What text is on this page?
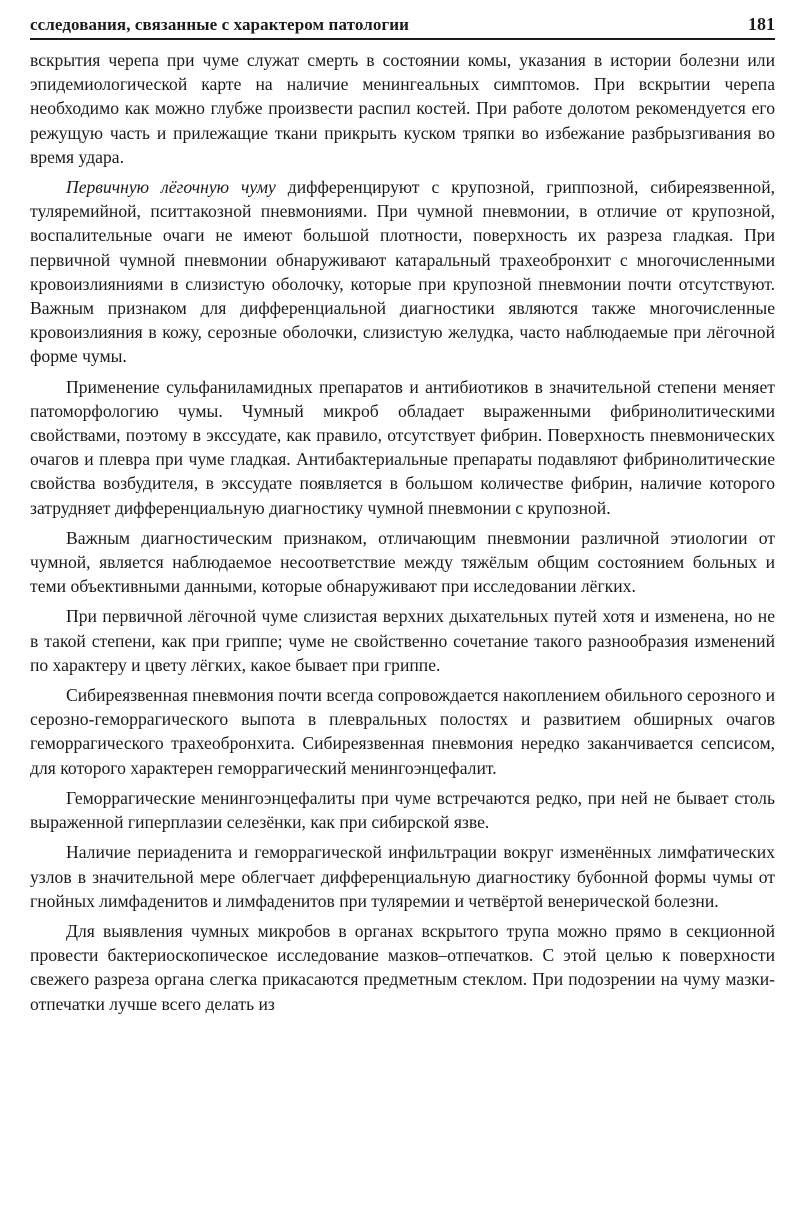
сследования, связанные с характером патологии	181

вскрытия черепа при чуме служат смерть в состоянии комы, указания в истории болезни или эпидемиологической карте на наличие менингеальных симптомов. При вскрытии черепа необходимо как можно глубже произвести распил костей. При работе долотом рекомендуется его режущую часть и прилежащие ткани прикрыть куском тряпки во избежание разбрызгивания во время удара.

Первичную лёгочную чуму дифференцируют с крупозной, гриппозной, сибиреязвенной, туляремийной, пситтакозной пневмониями. При чумной пневмонии, в отличие от крупозной, воспалительные очаги не имеют большой плотности, поверхность их разреза гладкая. При первичной чумной пневмонии обнаруживают катаральный трахеобронхит с многочисленными кровоизлияниями в слизистую оболочку, которые при крупозной пневмонии почти отсутствуют. Важным признаком для дифференциальной диагностики являются также многочисленные кровоизлияния в кожу, серозные оболочки, слизистую желудка, часто наблюдаемые при лёгочной форме чумы.

Применение сульфаниламидных препаратов и антибиотиков в значительной степени меняет патоморфологию чумы. Чумный микроб обладает выраженными фибринолитическими свойствами, поэтому в экссудате, как правило, отсутствует фибрин. Поверхность пневмонических очагов и плевра при чуме гладкая. Антибактериальные препараты подавляют фибринолитические свойства возбудителя, в экссудате появляется в большом количестве фибрин, наличие которого затрудняет дифференциальную диагностику чумной пневмонии с крупозной.

Важным диагностическим признаком, отличающим пневмонии различной этиологии от чумной, является наблюдаемое несоответствие между тяжёлым общим состоянием больных и теми объективными данными, которые обнаруживают при исследовании лёгких.

При первичной лёгочной чуме слизистая верхних дыхательных путей хотя и изменена, но не в такой степени, как при гриппе; чуме не свойственно сочетание такого разнообразия изменений по характеру и цвету лёгких, какое бывает при гриппе.

Сибиреязвенная пневмония почти всегда сопровождается накоплением обильного серозного и серозно-геморрагического выпота в плевральных полостях и развитием обширных очагов геморрагического трахеобронхита. Сибиреязвенная пневмония нередко заканчивается сепсисом, для которого характерен геморрагический менингоэнцефалит.

Геморрагические менингоэнцефалиты при чуме встречаются редко, при ней не бывает столь выраженной гиперплазии селезёнки, как при сибирской язве.

Наличие периаденита и геморрагической инфильтрации вокруг изменённых лимфатических узлов в значительной мере облегчает дифференциальную диагностику бубонной формы чумы от гнойных лимфаденитов и лимфаденитов при туляремии и четвёртой венерической болезни.

Для выявления чумных микробов в органах вскрытого трупа можно прямо в секционной провести бактериоскопическое исследование мазков–отпечатков. С этой целью к поверхности свежего разреза органа слегка прикасаются предметным стеклом. При подозрении на чуму мазки-отпечатки лучше всего делать из
